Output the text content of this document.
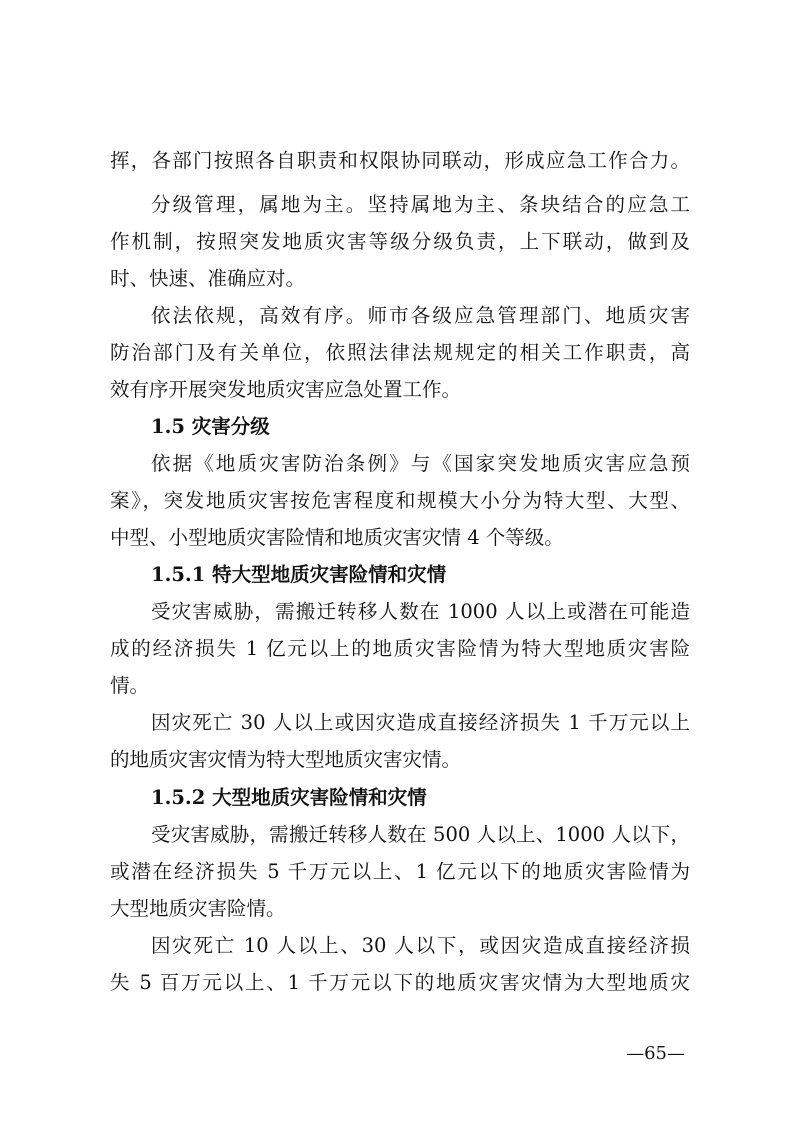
挥，各部门按照各自职责和权限协同联动，形成应急工作合力。
分级管理，属地为主。坚持属地为主、条块结合的应急工
作机制，按照突发地质灾害等级分级负责，上下联动，做到及
时、快速、准确应对。
依法依规，高效有序。师市各级应急管理部门、地质灾害
防治部门及有关单位，依照法律法规规定的相关工作职责，高
效有序开展突发地质灾害应急处置工作。
1.5 灾害分级
依据《地质灾害防治条例》与《国家突发地质灾害应急预
案》，突发地质灾害按危害程度和规模大小分为特大型、大型、
中型、小型地质灾害险情和地质灾害灾情 4 个等级。
1.5.1 特大型地质灾害险情和灾情
受灾害威胁，需搬迁转移人数在 1000 人以上或潜在可能造
成的经济损失 1 亿元以上的地质灾害险情为特大型地质灾害险
情。
因灾死亡 30 人以上或因灾造成直接经济损失 1 千万元以上
的地质灾害灾情为特大型地质灾害灾情。
1.5.2 大型地质灾害险情和灾情
受灾害威胁，需搬迁转移人数在 500 人以上、1000 人以下，
或潜在经济损失 5 千万元以上、1 亿元以下的地质灾害险情为
大型地质灾害险情。
因灾死亡 10 人以上、30 人以下，或因灾造成直接经济损
失 5 百万元以上、1 千万元以下的地质灾害灾情为大型地质灾
—65—
